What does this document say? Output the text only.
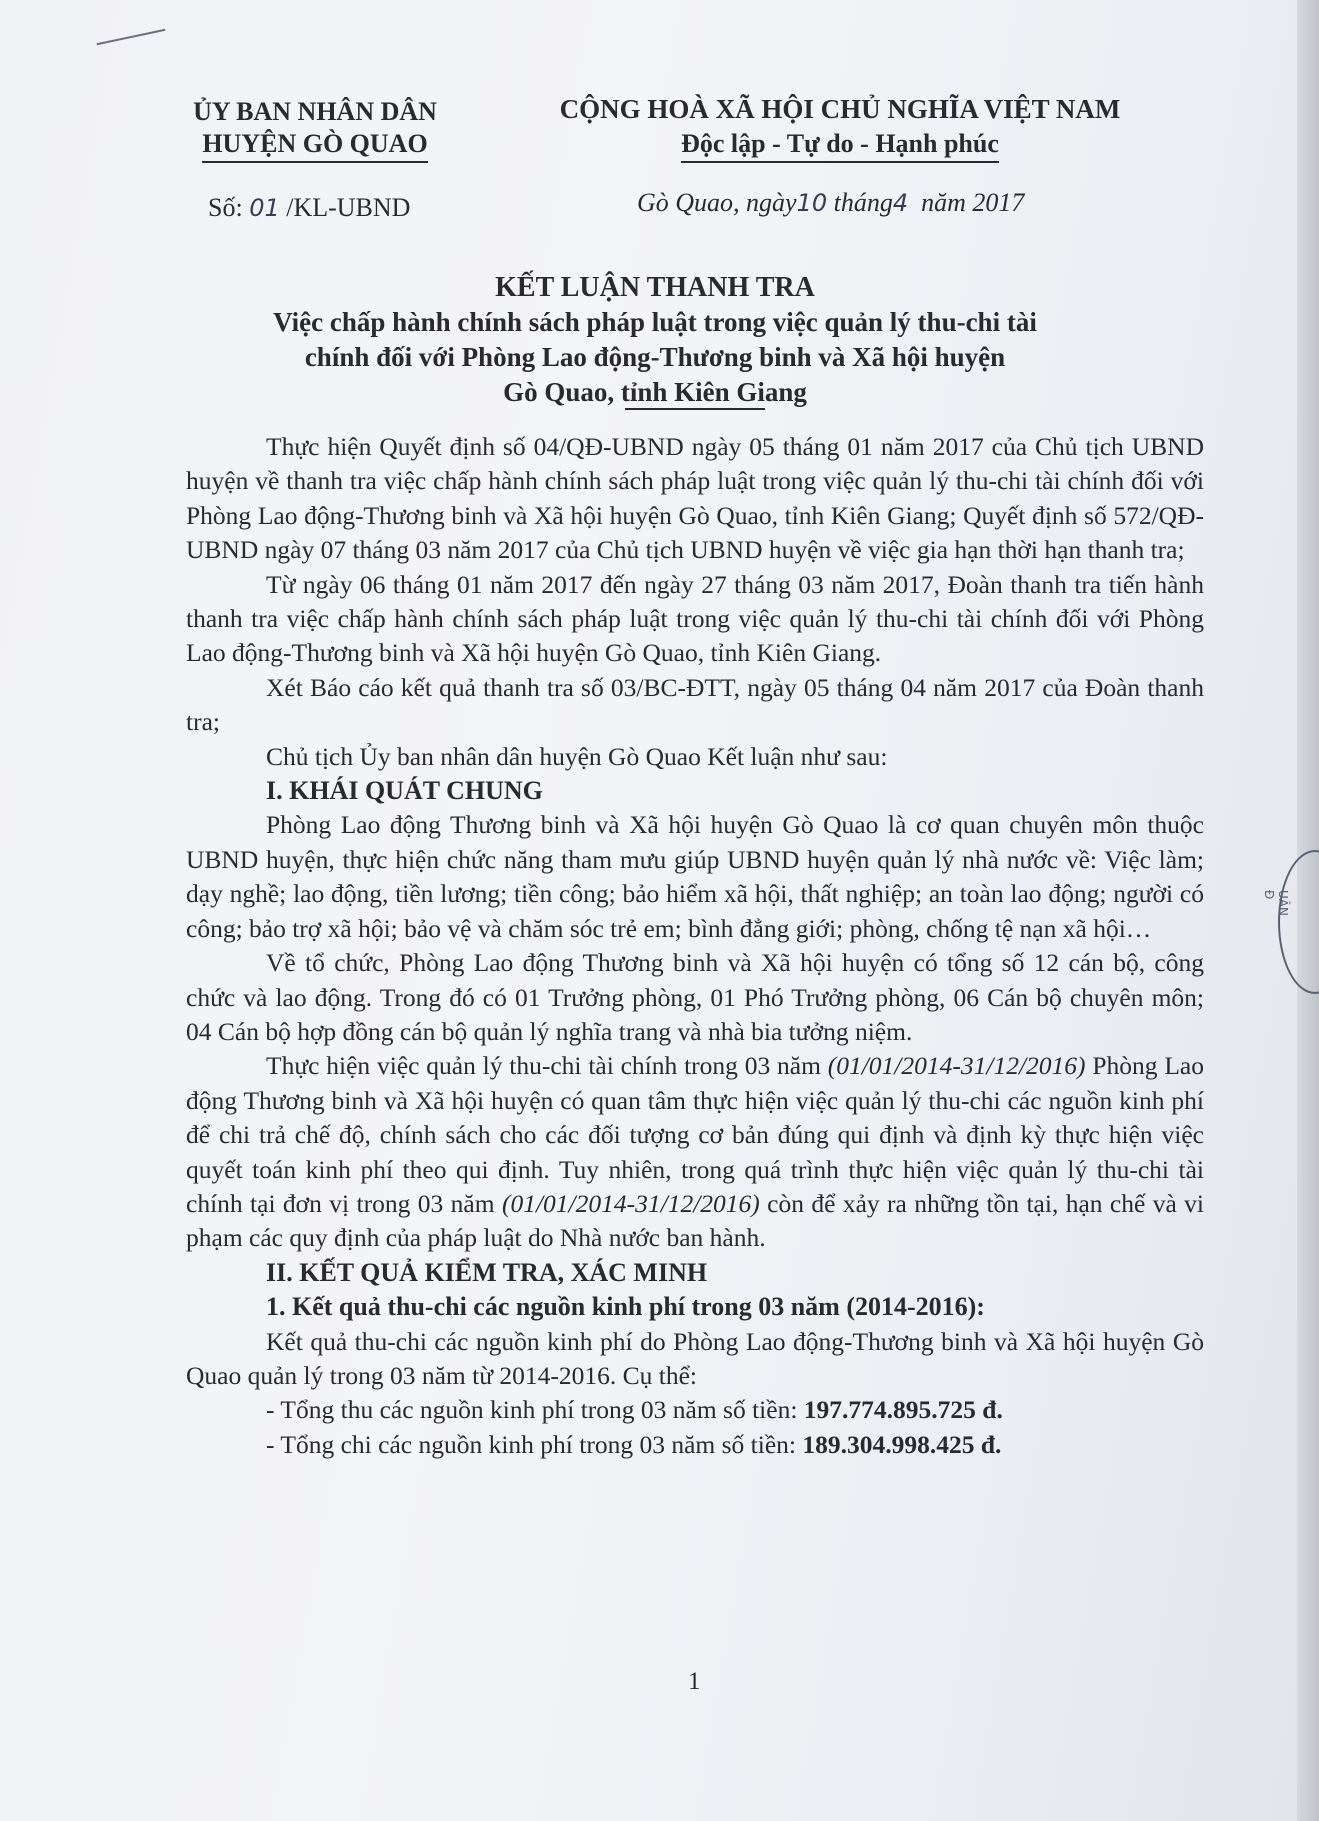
ỦY BAN NHÂN DÂN
HUYỆN GÒ QUAO
CỘNG HOÀ XÃ HỘI CHỦ NGHĨA VIỆT NAM
Độc lập - Tự do - Hạnh phúc
Số: 01 /KL-UBND	Gò Quao, ngày10 tháng4 năm 2017
KẾT LUẬN THANH TRA
Việc chấp hành chính sách pháp luật trong việc quản lý thu-chi tài
chính đối với Phòng Lao động-Thương binh và Xã hội huyện
Gò Quao, tỉnh Kiên Giang

Thực hiện Quyết định số 04/QĐ-UBND ngày 05 tháng 01 năm 2017 của Chủ tịch UBND huyện về thanh tra việc chấp hành chính sách pháp luật trong việc quản lý thu-chi tài chính đối với Phòng Lao động-Thương binh và Xã hội huyện Gò Quao, tỉnh Kiên Giang; Quyết định số 572/QĐ-UBND ngày 07 tháng 03 năm 2017 của Chủ tịch UBND huyện về việc gia hạn thời hạn thanh tra;

Từ ngày 06 tháng 01 năm 2017 đến ngày 27 tháng 03 năm 2017, Đoàn thanh tra tiến hành thanh tra việc chấp hành chính sách pháp luật trong việc quản lý thu-chi tài chính đối với Phòng Lao động-Thương binh và Xã hội huyện Gò Quao, tỉnh Kiên Giang.

Xét Báo cáo kết quả thanh tra số 03/BC-ĐTT, ngày 05 tháng 04 năm 2017 của Đoàn thanh tra;

Chủ tịch Ủy ban nhân dân huyện Gò Quao Kết luận như sau:

I. KHÁI QUÁT CHUNG

Phòng Lao động Thương binh và Xã hội huyện Gò Quao là cơ quan chuyên môn thuộc UBND huyện, thực hiện chức năng tham mưu giúp UBND huyện quản lý nhà nước về: Việc làm; dạy nghề; lao động, tiền lương; tiền công; bảo hiểm xã hội, thất nghiệp; an toàn lao động; người có công; bảo trợ xã hội; bảo vệ và chăm sóc trẻ em; bình đẳng giới; phòng, chống tệ nạn xã hội…

Về tổ chức, Phòng Lao động Thương binh và Xã hội huyện có tổng số 12 cán bộ, công chức và lao động. Trong đó có 01 Trưởng phòng, 01 Phó Trưởng phòng, 06 Cán bộ chuyên môn; 04 Cán bộ hợp đồng cán bộ quản lý nghĩa trang và nhà bia tưởng niệm.

Thực hiện việc quản lý thu-chi tài chính trong 03 năm (01/01/2014-31/12/2016) Phòng Lao động Thương binh và Xã hội huyện có quan tâm thực hiện việc quản lý thu-chi các nguồn kinh phí để chi trả chế độ, chính sách cho các đối tượng cơ bản đúng qui định và định kỳ thực hiện việc quyết toán kinh phí theo qui định. Tuy nhiên, trong quá trình thực hiện việc quản lý thu-chi tài chính tại đơn vị trong 03 năm (01/01/2014-31/12/2016) còn để xảy ra những tồn tại, hạn chế và vi phạm các quy định của pháp luật do Nhà nước ban hành.

II. KẾT QUẢ KIỂM TRA, XÁC MINH
1. Kết quả thu-chi các nguồn kinh phí trong 03 năm (2014-2016):

Kết quả thu-chi các nguồn kinh phí do Phòng Lao động-Thương binh và Xã hội huyện Gò Quao quản lý trong 03 năm từ 2014-2016. Cụ thể:

- Tổng thu các nguồn kinh phí trong 03 năm số tiền: 197.774.895.725 đ.

- Tổng chi các nguồn kinh phí trong 03 năm số tiền: 189.304.998.425 đ.

1
UÂN Đ
